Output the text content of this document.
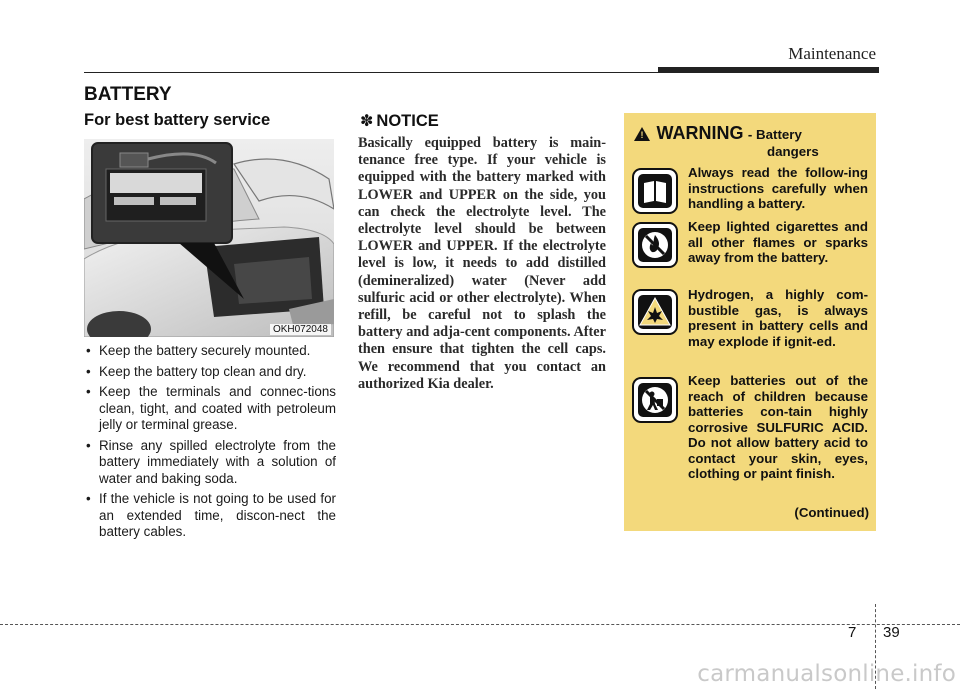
Maintenance
BATTERY
For best battery service
OKH072048
• Keep the battery securely mounted.
• Keep the battery top clean and dry.
• Keep the terminals and connec-tions clean, tight, and coated with petroleum jelly or terminal grease.
• Rinse any spilled electrolyte from the battery immediately with a solution of water and baking soda.
• If the vehicle is not going to be used for an extended time, discon-nect the battery cables.
✽ NOTICE
Basically equipped battery is main-tenance free type. If your vehicle is equipped with the battery marked with LOWER and UPPER on the side, you can check the electrolyte level. The electrolyte level should be between LOWER and UPPER. If the electrolyte level is low, it needs to add distilled (demineralized) water (Never add sulfuric acid or other electrolyte). When refill, be careful not to splash the battery and adja-cent components. After then ensure that tighten the cell caps. We recommend that you contact an authorized Kia dealer.
! WARNING - Battery
dangers
Always read the follow-ing instructions carefully when handling a battery.
Keep lighted cigarettes and all other flames or sparks away from the battery.
Hydrogen, a highly com-bustible gas, is always present in battery cells and may explode if ignit-ed.
Keep batteries out of the reach of children because batteries con-tain highly corrosive SULFURIC ACID. Do not allow battery acid to contact your skin, eyes, clothing or paint finish.
(Continued)
7 39
carmanualsonline.info
